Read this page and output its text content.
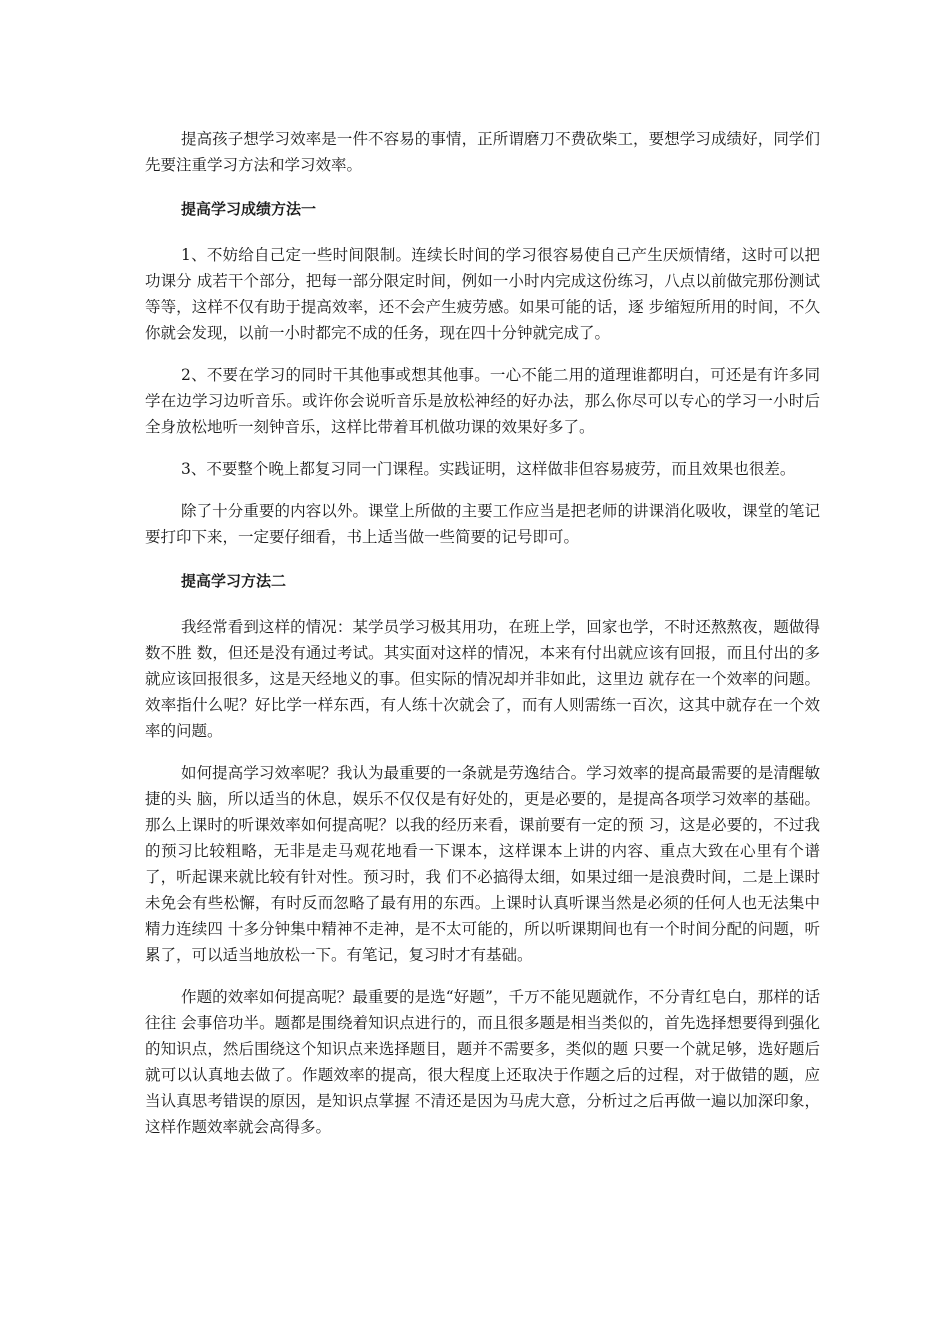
提高孩子想学习效率是一件不容易的事情，正所谓磨刀不费砍柴工，要想学习成绩好，同学们先要注重学习方法和学习效率。

提高学习成绩方法一

1、不妨给自己定一些时间限制。连续长时间的学习很容易使自己产生厌烦情绪，这时可以把功课分 成若干个部分，把每一部分限定时间，例如一小时内完成这份练习，八点以前做完那份测试等等，这样不仅有助于提高效率，还不会产生疲劳感。如果可能的话，逐 步缩短所用的时间，不久你就会发现，以前一小时都完不成的任务，现在四十分钟就完成了。

2、不要在学习的同时干其他事或想其他事。一心不能二用的道理谁都明白，可还是有许多同学在边学习边听音乐。或许你会说听音乐是放松神经的好办法，那么你尽可以专心的学习一小时后全身放松地听一刻钟音乐，这样比带着耳机做功课的效果好多了。

3、不要整个晚上都复习同一门课程。实践证明，这样做非但容易疲劳，而且效果也很差。

除了十分重要的内容以外。课堂上所做的主要工作应当是把老师的讲课消化吸收，课堂的笔记要打印下来，一定要仔细看，书上适当做一些简要的记号即可。

提高学习方法二

我经常看到这样的情况：某学员学习极其用功，在班上学，回家也学，不时还熬熬夜，题做得数不胜 数，但还是没有通过考试。其实面对这样的情况，本来有付出就应该有回报，而且付出的多就应该回报很多，这是天经地义的事。但实际的情况却并非如此，这里边 就存在一个效率的问题。效率指什么呢？好比学一样东西，有人练十次就会了，而有人则需练一百次，这其中就存在一个效率的问题。

如何提高学习效率呢？我认为最重要的一条就是劳逸结合。学习效率的提高最需要的是清醒敏捷的头 脑，所以适当的休息，娱乐不仅仅是有好处的，更是必要的，是提高各项学习效率的基础。那么上课时的听课效率如何提高呢？以我的经历来看，课前要有一定的预 习，这是必要的，不过我的预习比较粗略，无非是走马观花地看一下课本，这样课本上讲的内容、重点大致在心里有个谱了，听起课来就比较有针对性。预习时，我 们不必搞得太细，如果过细一是浪费时间，二是上课时未免会有些松懈，有时反而忽略了最有用的东西。上课时认真听课当然是必须的任何人也无法集中精力连续四 十多分钟集中精神不走神，是不太可能的，所以听课期间也有一个时间分配的问题，听累了，可以适当地放松一下。有笔记，复习时才有基础。

作题的效率如何提高呢？最重要的是选“好题”，千万不能见题就作，不分青红皂白，那样的话往往 会事倍功半。题都是围绕着知识点进行的，而且很多题是相当类似的，首先选择想要得到强化的知识点，然后围绕这个知识点来选择题目，题并不需要多，类似的题 只要一个就足够，选好题后就可以认真地去做了。作题效率的提高，很大程度上还取决于作题之后的过程，对于做错的题，应当认真思考错误的原因，是知识点掌握 不清还是因为马虎大意，分析过之后再做一遍以加深印象，这样作题效率就会高得多。
